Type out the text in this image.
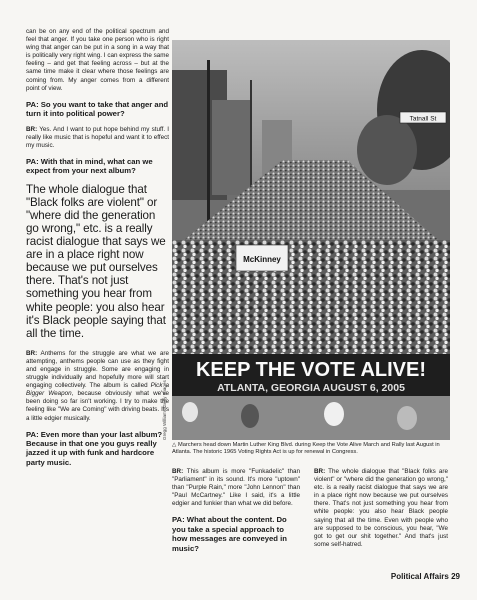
can be on any end of the political spectrum and feel that anger. If you take one person who is right wing that anger can be put in a song in a way that is politically very right wing. I can express the same feeling – and get that feeling across – but at the same time make it clear where those feelings are coming from. My anger comes from a different point of view.

PA: So you want to take that anger and turn it into political power?

BR: Yes. And I want to put hope behind my stuff. I really like music that is hopeful and want it to effect my music.

PA: With that in mind, what can we expect from your next album?

The whole dialogue that "Black folks are violent" or "where did the generation go wrong," etc. is a really racist dialogue that says we are in a place right now because we put ourselves there. That's not just something you hear from white people: you also hear it's Black people saying that all the time.

BR: Anthems for the struggle are what we are attempting, anthems people can use as they fight and engage in struggle. Some are engaging in struggle individually and hopefully more will start engaging collectively. The album is called Pick a Bigger Weapon, because obviously what we've been doing so far isn't working. I try to make the feeling like "We are Coming" with driving beats. It's a little edgier musically.

PA: Even more than your last album? Because in that one you guys really jazzed it up with funk and hardcore party music.

Tatnall St
McKinney
KEEP THE VOTE ALIVE!
ATLANTA, GEORGIA AUGUST 6, 2005
Gregg Williams/Getty Images
△ Marchers head down Martin Luther King Blvd. during Keep the Vote Alive March and Rally last August in Atlanta. The historic 1965 Voting Rights Act is up for renewal in Congress.

BR: This album is more "Funkadelic" than "Parliament" in its sound. It's more "uptown" than "Purple Rain," more "John Lennon" than "Paul McCartney." Like I said, it's a little edgier and funkier than what we did before.

PA: What about the content. Do you take a special approach to how messages are conveyed in music?

BR: The whole dialogue that "Black folks are violent" or "where did the generation go wrong," etc. is a really racist dialogue that says we are in a place right now because we put ourselves there. That's not just something you hear from white people: you also hear Black people saying that all the time. Even with people who are supposed to be conscious, you hear, "We got to get our shit together." And that's just some self-hatred.

Political Affairs 29
